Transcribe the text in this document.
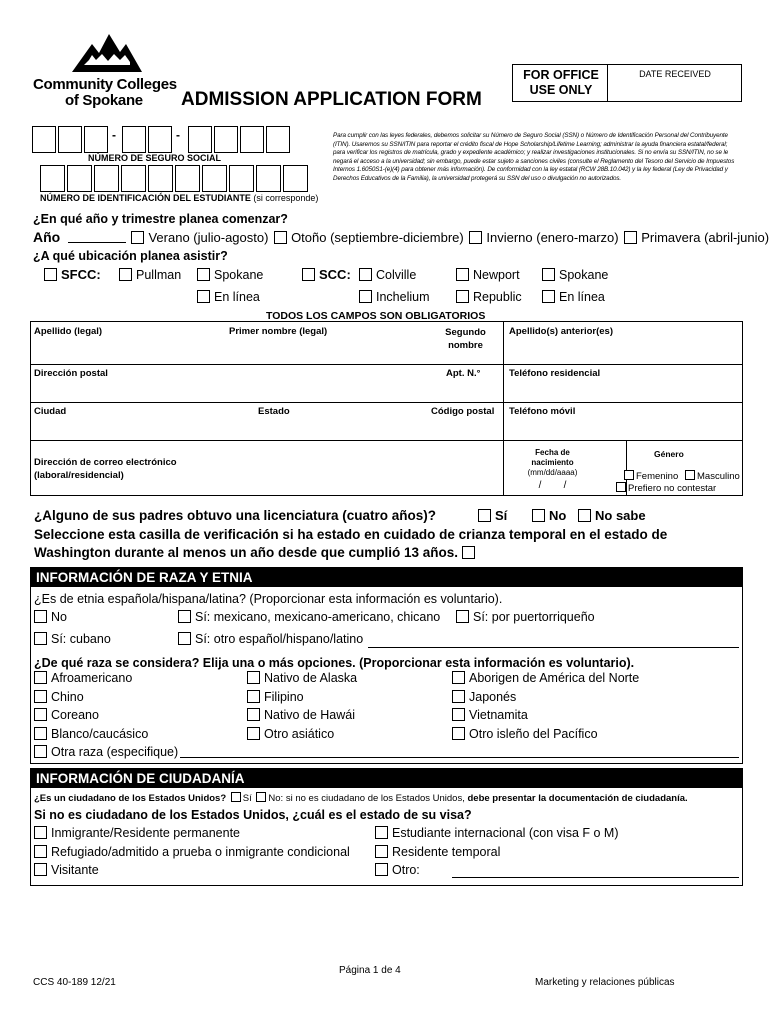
Community Colleges
of Spokane ADMISSION APPLICATION FORM
FOR OFFICE USE ONLY
DATE RECEIVED
-	-
NÚMERO DE SEGURO SOCIAL
NÚMERO DE IDENTIFICACIÓN DEL ESTUDIANTE (si corresponde)
Para cumplir con las leyes federales, debemos solicitar su Número de Seguro Social (SSN) o Número de Identificación Personal del Contribuyente (ITIN). Usaremos su SSN/ITIN para reportar el crédito fiscal de Hope Scholarship/Lifetime Learning; administrar la ayuda financiera estatal/federal; para verificar los registros de matrícula, grado y expediente académico; y realizar investigaciones institucionales. Si no envía su SSN/ITIN, no se le negará el acceso a la universidad; sin embargo, puede estar sujeto a sanciones civiles (consulte el Reglamento del Tesoro del Servicio de Impuestos Internos 1.6050S1-(e)(4) para obtener más información). De conformidad con la ley estatal (RCW 28B.10.042) y la ley federal (Ley de Privacidad y Derechos Educativos de la Familia), la universidad protegerá su SSN del uso o divulgación no autorizados.
¿En qué año y trimestre planea comenzar?
Año	Verano (julio-agosto) Otoño (septiembre-diciembre) Invierno (enero-marzo) Primavera (abril-junio)
¿A qué ubicación planea asistir?
SFCC:	Pullman	Spokane
En línea
SCC:	Colville	Newport	Spokane
Inchelium	Republic	En línea
TODOS LOS CAMPOS SON OBLIGATORIOS
Apellido (legal)	Primer nombre (legal)	Segundo
nombre
Apellido(s) anterior(es)
Dirección postal	Apt. N.°	Teléfono residencial
Ciudad	Estado	Código postal Teléfono móvil
Dirección de correo electrónico
(laboral/residencial)
Fecha de
nacimiento
(mm/dd/aaaa)
/        /
Género
Femenino	Masculino
Prefiero no contestar
¿Alguno de sus padres obtuvo una licenciatura (cuatro años)?	Sí	No	No sabe
Seleccione esta casilla de verificación si ha estado en cuidado de crianza temporal en el estado de
Washington durante al menos un año desde que cumplió 13 años.
INFORMACIÓN DE RAZA Y ETNIA
¿Es de etnia española/hispana/latina? (Proporcionar esta información es voluntario).
No	Sí: mexicano, mexicano-americano, chicano	Sí: por puertorriqueño
Sí: cubano	Sí: otro español/hispano/latino
¿De qué raza se considera? Elija una o más opciones. (Proporcionar esta información es voluntario).
Afroamericano
Chino
Coreano
Blanco/caucásico
Otra raza (especifique)
Nativo de Alaska
Filipino
Nativo de Hawái
Otro asiático
Aborigen de América del Norte
Japonés
Vietnamita
Otro isleño del Pacífico
INFORMACIÓN DE CIUDADANÍA
¿Es un ciudadano de los Estados Unidos? Sí No: si no es ciudadano de los Estados Unidos, debe presentar la documentación de ciudadanía.
Si no es ciudadano de los Estados Unidos, ¿cuál es el estado de su visa?
Inmigrante/Residente permanente
Refugiado/admitido a prueba o inmigrante condicional
Visitante
Estudiante internacional (con visa F o M)
Residente temporal
Otro:
CCS 40-189 12/21
Página 1 de 4
Marketing y relaciones públicas
